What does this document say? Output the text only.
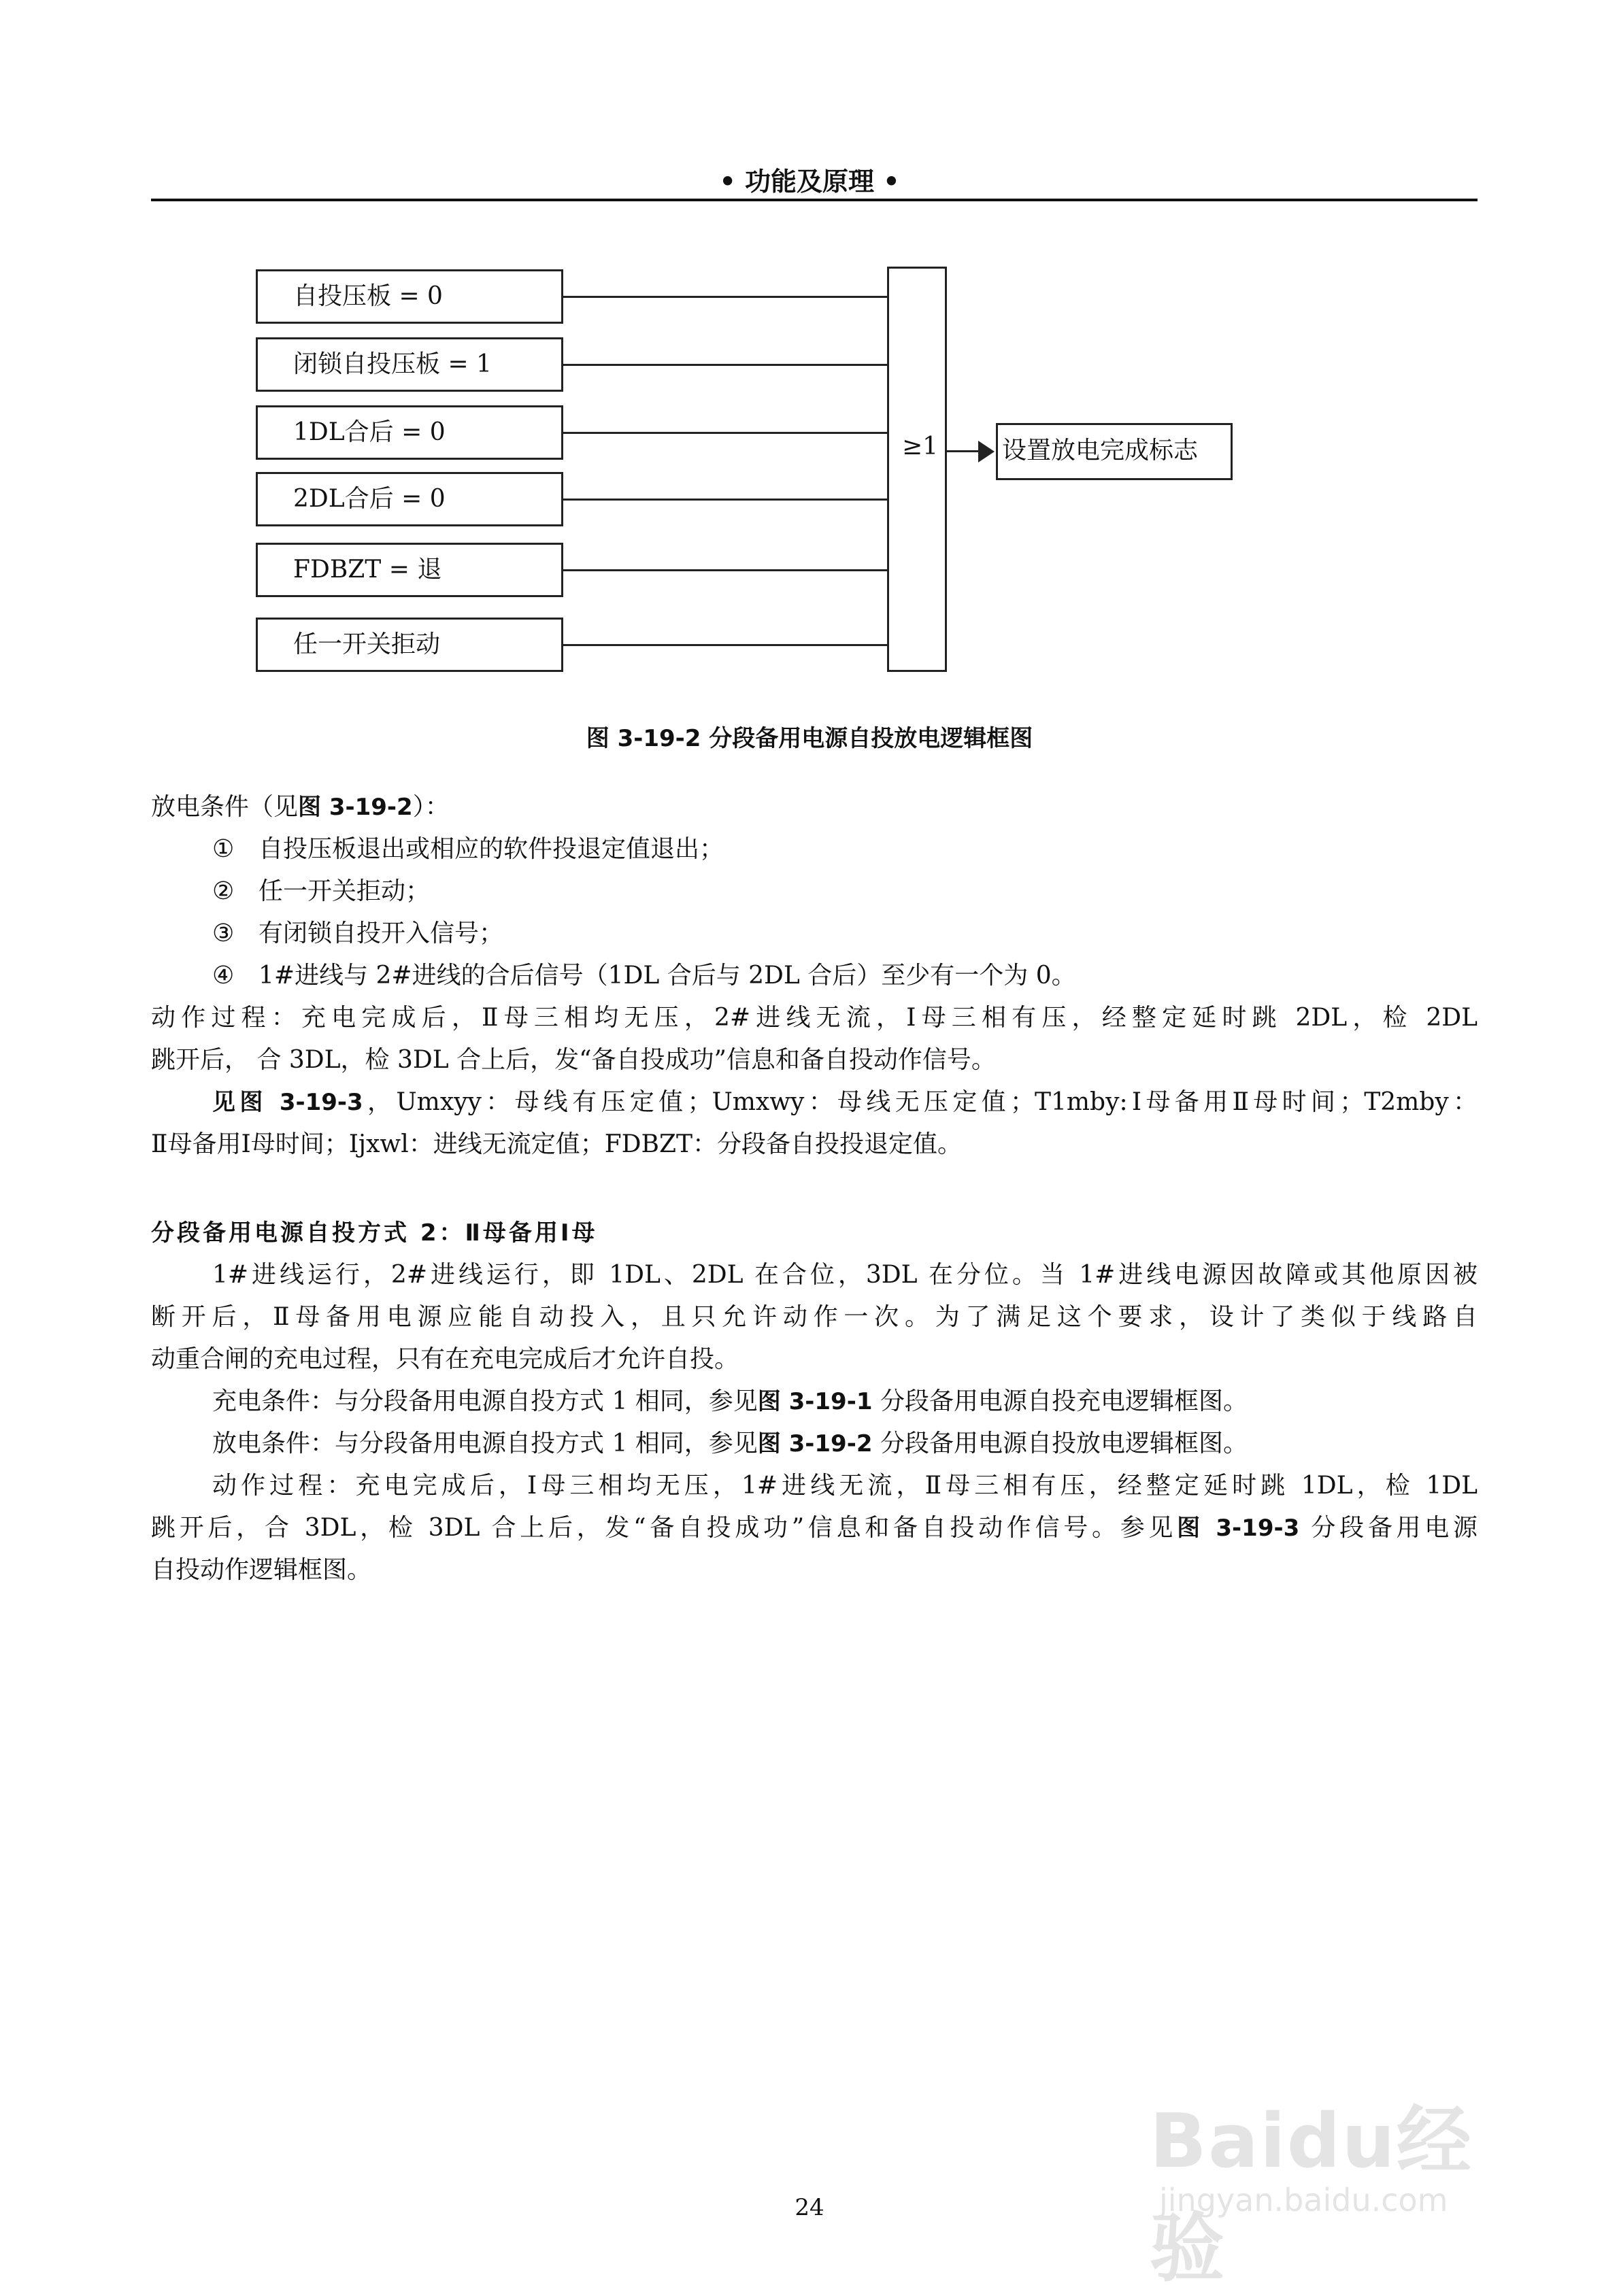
• 功能及原理 •
自投压板 = 0
闭锁自投压板 = 1
1DL合后 = 0
2DL合后 = 0
FDBZT = 退
任一开关拒动
≥1	设置放电完成标志
图 3-19-2 分段备用电源自投放电逻辑框图
放电条件（见图 3-19-2）：
① 自投压板退出或相应的软件投退定值退出；
② 任一开关拒动；
③ 有闭锁自投开入信号；
④ 1#进线与 2#进线的合后信号（1DL 合后与 2DL 合后）至少有一个为 0。
动作过程：充电完成后，Ⅱ母三相均无压，2#进线无流，Ⅰ母三相有压，经整定延时跳 2DL，检 2DL
跳开后， 合 3DL，检 3DL 合上后，发“备自投成功”信息和备自投动作信号。
见图 3-19-3，Umxyy：母线有压定值；Umxwy：母线无压定值；T1mby:Ⅰ母备用Ⅱ母时间；T2mby：
Ⅱ母备用Ⅰ母时间；Ijxwl：进线无流定值；FDBZT：分段备自投投退定值。
分段备用电源自投方式 2：Ⅱ母备用Ⅰ母
1#进线运行，2#进线运行，即 1DL、2DL 在合位，3DL 在分位。当 1#进线电源因故障或其他原因被
断开后，Ⅱ母备用电源应能自动投入，且只允许动作一次。为了满足这个要求，设计了类似于线路自
动重合闸的充电过程，只有在充电完成后才允许自投。
充电条件：与分段备用电源自投方式 1 相同，参见图 3-19-1 分段备用电源自投充电逻辑框图。
放电条件：与分段备用电源自投方式 1 相同，参见图 3-19-2 分段备用电源自投放电逻辑框图。
动作过程：充电完成后，Ⅰ母三相均无压，1#进线无流，Ⅱ母三相有压，经整定延时跳 1DL，检 1DL
跳开后，合 3DL，检 3DL 合上后，发“备自投成功”信息和备自投动作信号。参见图 3-19-3 分段备用电源
自投动作逻辑框图。
24
Baidu经验
jingyan.baidu.com
